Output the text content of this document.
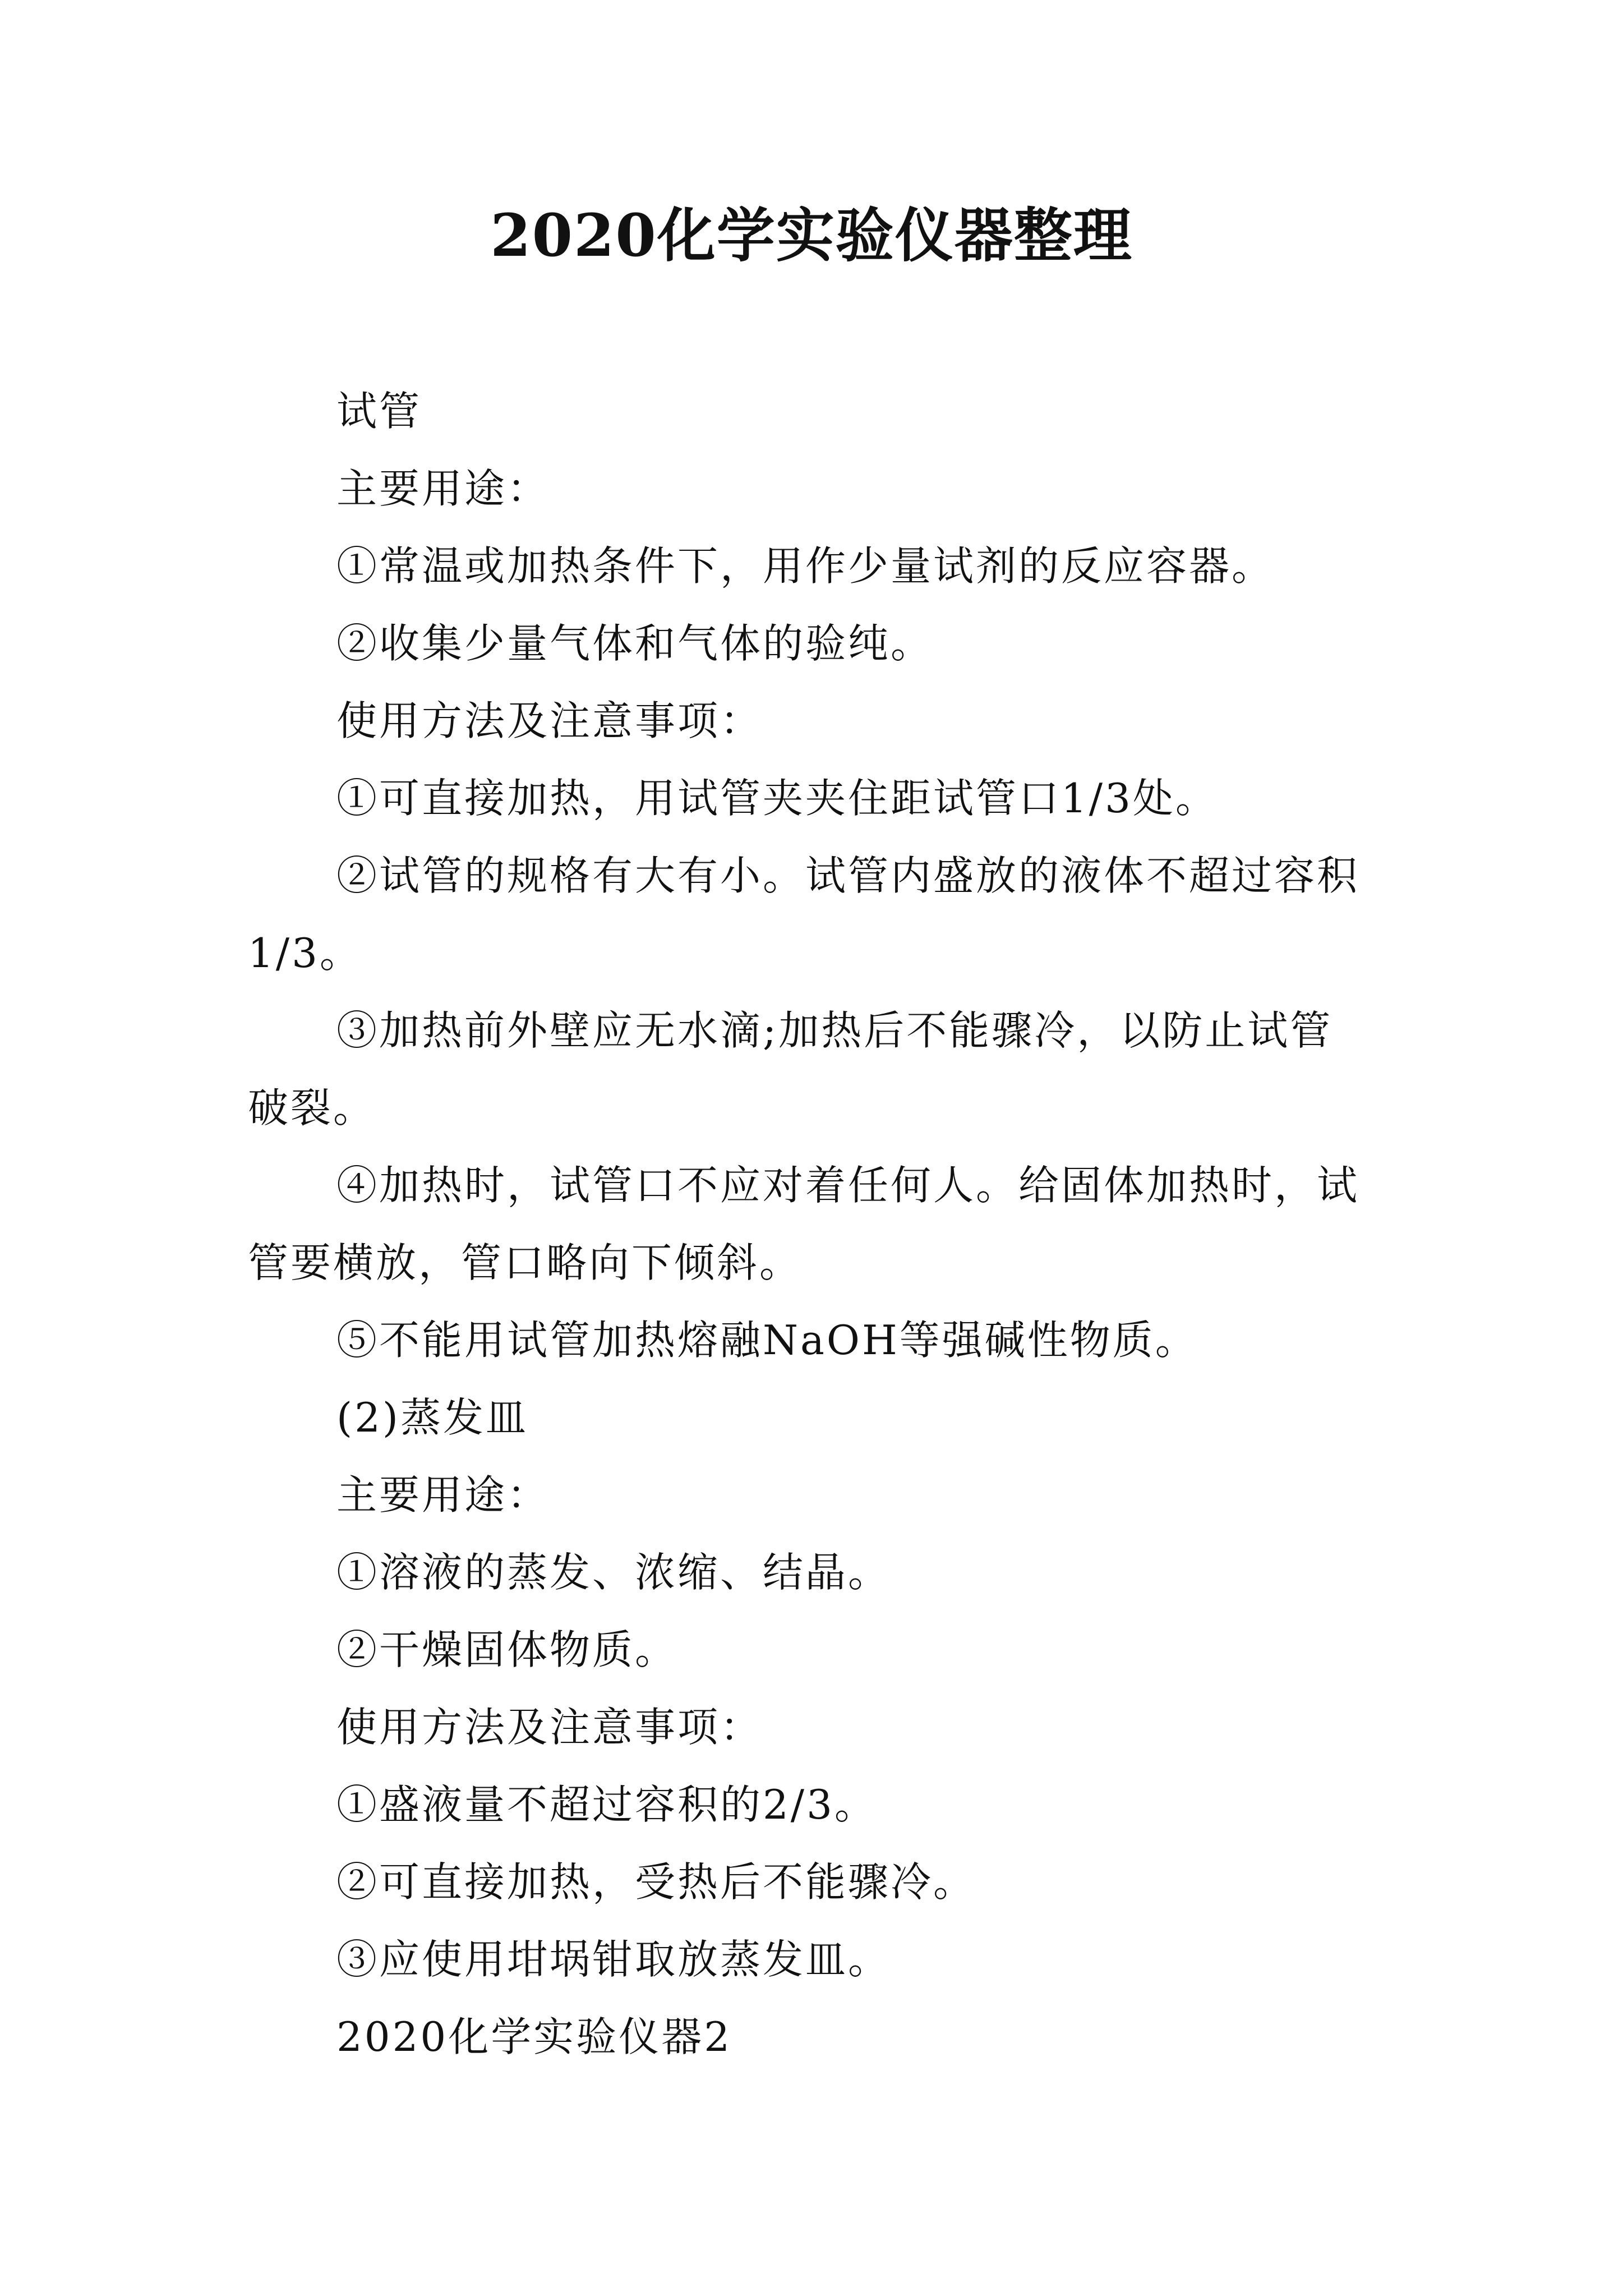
2020化学实验仪器整理

试管

主要用途：

①常温或加热条件下，用作少量试剂的反应容器。

②收集少量气体和气体的验纯。

使用方法及注意事项：

①可直接加热，用试管夹夹住距试管口1/3处。

②试管的规格有大有小。试管内盛放的液体不超过容积1/3。

③加热前外壁应无水滴;加热后不能骤冷，以防止试管破裂。

④加热时，试管口不应对着任何人。给固体加热时，试管要横放，管口略向下倾斜。

⑤不能用试管加热熔融NaOH等强碱性物质。

(2)蒸发皿

主要用途：

①溶液的蒸发、浓缩、结晶。

②干燥固体物质。

使用方法及注意事项：

①盛液量不超过容积的2/3。

②可直接加热，受热后不能骤冷。

③应使用坩埚钳取放蒸发皿。

2020化学实验仪器2
